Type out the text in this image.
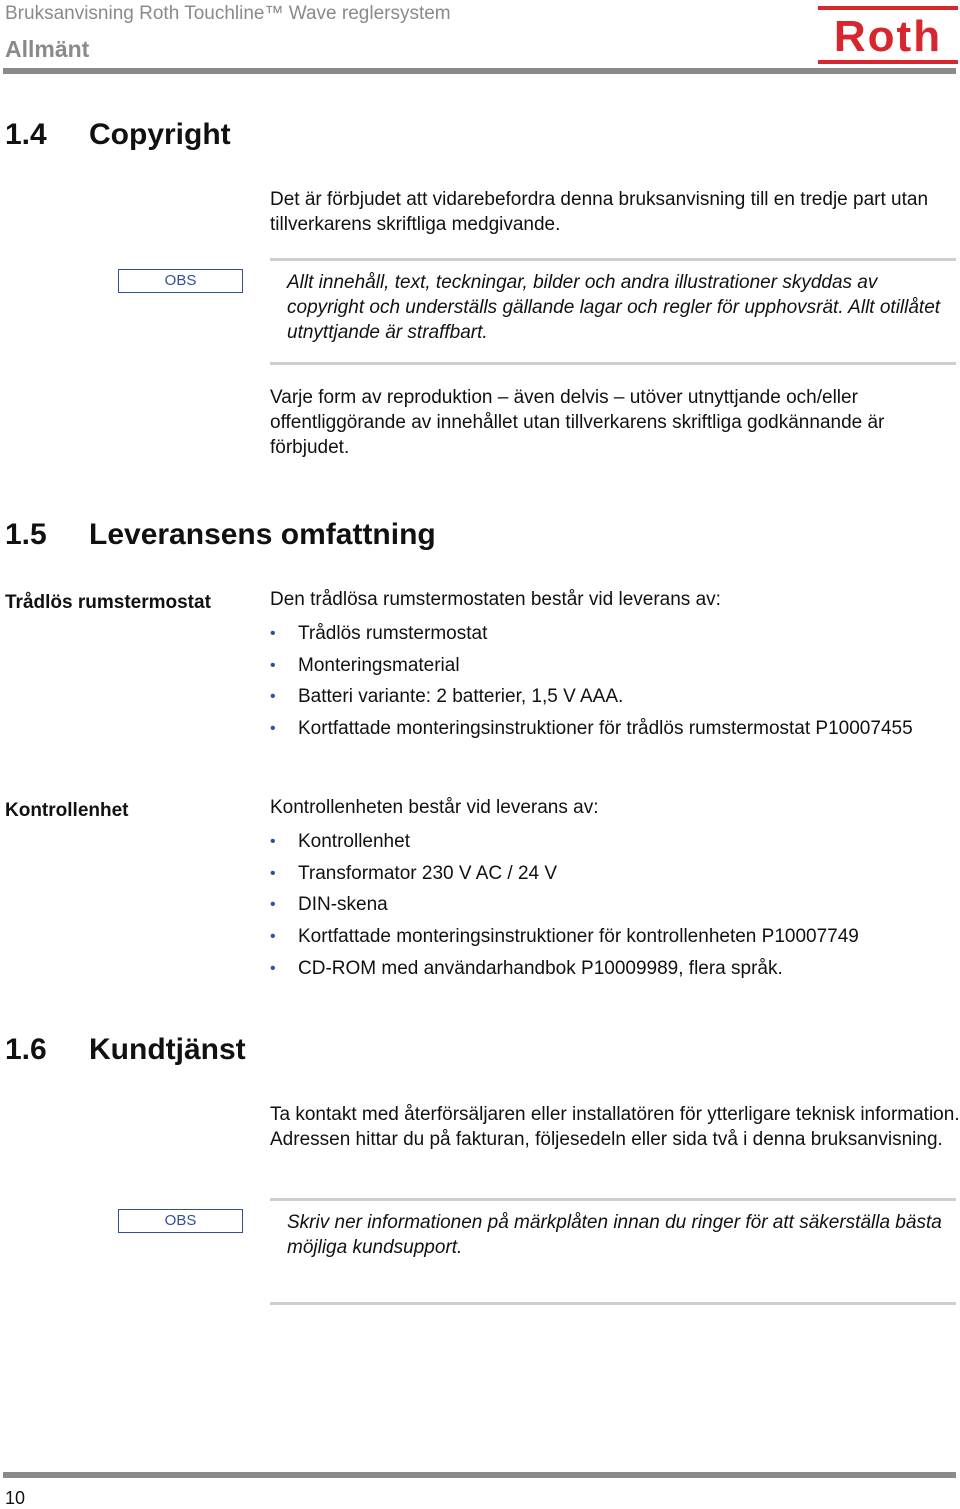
Bruksanvisning Roth Touchline™ Wave reglersystem
Allmänt	Roth
1.4 Copyright
Det är förbjudet att vidarebefordra denna bruksanvisning till en tredje part utan tillverkarens skriftliga medgivande.
OBS	Allt innehåll, text, teckningar, bilder och andra illustrationer skyddas av copyright och underställs gällande lagar och regler för upphovsrät. Allt otillåtet utnyttjande är straffbart.
Varje form av reproduktion – även delvis – utöver utnyttjande och/eller offentliggörande av innehållet utan tillverkarens skriftliga godkännande är förbjudet.
1.5 Leveransens omfattning
Trådlös rumstermostat	Den trådlösa rumstermostaten består vid leverans av:
• Trådlös rumstermostat
• Monteringsmaterial
• Batteri variante: 2 batterier, 1,5 V AAA.
• Kortfattade monteringsinstruktioner för trådlös rumstermostat P10007455
Kontrollenhet	Kontrollenheten består vid leverans av:
• Kontrollenhet
• Transformator 230 V AC / 24 V
• DIN-skena
• Kortfattade monteringsinstruktioner för kontrollenheten P10007749
• CD-ROM med användarhandbok P10009989, flera språk.
1.6 Kundtjänst
Ta kontakt med återförsäljaren eller installatören för ytterligare teknisk information. Adressen hittar du på fakturan, följesedeln eller sida två i denna bruksanvisning.
OBS	Skriv ner informationen på märkplåten innan du ringer för att säkerställa bästa möjliga kundsupport.
10
